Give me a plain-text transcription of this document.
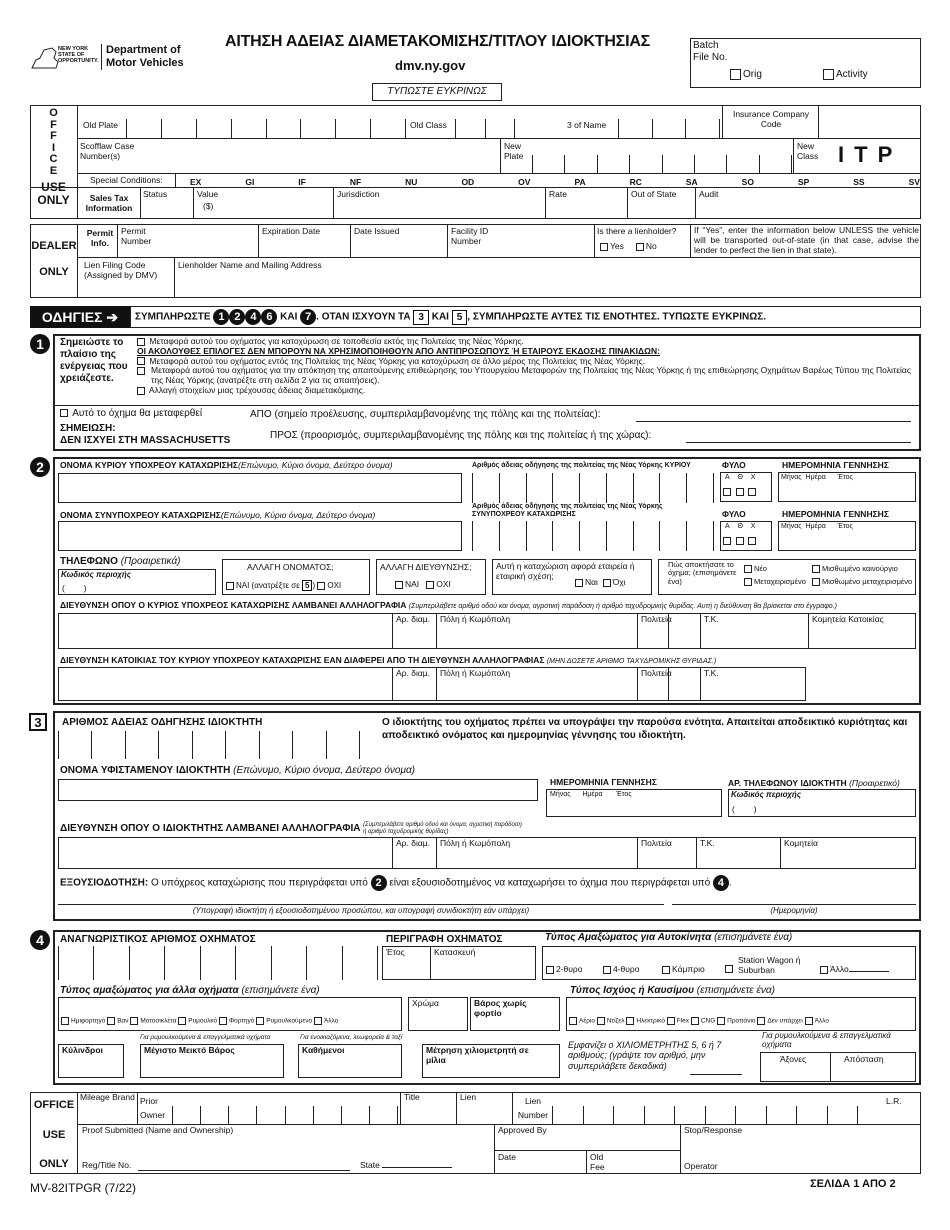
NEW YORK STATE OF OPPORTUNITY.
Department of Motor Vehicles
ΑΙΤΗΣΗ ΑΔΕΙΑΣ ΔΙΑΜΕΤΑΚΟΜΙΣΗΣ/ΤΙΤΛΟΥ ΙΔΙΟΚΤΗΣΙΑΣ
dmv.ny.gov
ΤΥΠΩΣΤΕ ΕΥΚΡΙΝΩΣ
Batch
File No.
Orig	Activity
O
F
F
I
C
E
USE
ONLY
Old Plate	Old Class	3 of Name
Insurance Company Code
Scofflaw Case Number(s)
New Plate
New Class ITP
Special Conditions:	EX	GI	IF	NF	NU	OD	OV	PA	RC	SA	SO	SP	SS	SV
Sales Tax Information
Status	Value
($)
Jurisdiction	Rate	Out of State	Audit
DEALER
ONLY
Permit Info.
Permit Number
Expiration Date	Date Issued	Facility ID Number
Is there a lienholder?
Yes	No
If “Yes”, enter the information below UNLESS the vehicle will be transported out-of-state (in that case, advise the lender to perfect the lien in that state).
Lien Filing Code (Assigned by DMV)
Lienholder Name and Mailing Address
ΟΔΗΓΙΕΣ ➔	ΣΥΜΠΛΗΡΩΣΤΕ 1 2 4 6 ΚΑΙ 7 . ΟΤΑΝ ΙΣΧΥΟΥΝ ΤΑ 3 ΚΑΙ 5 , ΣΥΜΠΛΗΡΩΣΤΕ ΑΥΤΕΣ ΤΙΣ ΕΝΟΤΗΤΕΣ. ΤΥΠΩΣΤΕ ΕΥΚΡΙΝΩΣ.
1	Σημειώστε το πλαίσιο της ενέργειας που χρειάζεστε.
Μεταφορά αυτού του οχήματος για κατοχύρωση σε τοποθεσία εκτός της Πολιτείας της Νέας Υόρκης.
ΟΙ ΑΚΟΛΟΥΘΕΣ ΕΠΙΛΟΓΕΣ ΔΕΝ ΜΠΟΡΟΥΝ ΝΑ ΧΡΗΣΙΜΟΠΟΙΗΘΟΥΝ ΑΠΟ ΑΝΤΙΠΡΟΣΩΠΟΥΣ Ή ΕΤΑΙΡΟΥΣ ΕΚΔΟΣΗΣ ΠΙΝΑΚΙΔΩΝ:
Μεταφορά αυτού του οχήματος εντός της Πολιτείας της Νέας Υόρκης για κατοχύρωση σε άλλο μέρος της Πολιτείας της Νέας Υόρκης.
Μεταφορά αυτού του οχήματος για την απόκτηση της απαιτούμενης επιθεώρησης του Υπουργείου Μεταφορών της Πολιτείας της Νέας Υόρκης ή της επιθεώρησης Οχημάτων Βαρέως Τύπου της Πολιτείας της Νέας Υόρκης (ανατρέξτε στη σελίδα 2 για τις απαιτήσεις).
Αλλαγή στοιχείων μιας τρέχουσας άδειας διαμετακόμισης.
Αυτό το όχημα θα μεταφερθεί
ΣΗΜΕΙΩΣΗ:
ΔΕΝ ΙΣΧΥΕΙ ΣΤΗ MASSACHUSETTS
ΑΠΟ (σημείο προέλευσης, συμπεριλαμβανομένης της πόλης και της πολιτείας):
ΠΡΟΣ (προορισμός, συμπεριλαμβανομένης της πόλης και της πολιτείας ή της χώρας):
2	ΟΝΟΜΑ ΚΥΡΙΟΥ ΥΠΟΧΡΕΟΥ ΚΑΤΑΧΩΡΙΣΗΣ(Επώνυμο, Κύριο όνομα, Δεύτερο όνομα)	Αριθμός άδειας οδήγησης της πολιτείας της Νέας Υόρκης ΚΥΡΙΟΥ	ΦΥΛΟ
Α Θ Χ

ΗΜΕΡΟΜΗΝΙΑ ΓΕΝΝΗΣΗΣ
Μήνας Ημέρα Έτος
ΟΝΟΜΑ ΣΥΝΥΠΟΧΡΕΟΥ ΚΑΤΑΧΩΡΙΣΗΣ(Επώνυμο, Κύριο όνομα, Δεύτερο όνομα)
Αριθμός άδειας οδήγησης της πολιτείας της Νέας Υόρκης ΣΥΝΥΠΟΧΡΕΟΥ ΚΑΤΑΧΩΡΙΣΗΣ	ΦΥΛΟ
Α Θ Χ

ΗΜΕΡΟΜΗΝΙΑ ΓΕΝΝΗΣΗΣ
Μήνας Ημέρα Έτος
ΤΗΛΕΦΩΝΟ (Προαιρετικά)
Κωδικός περιοχής
(        )
ΑΛΛΑΓΗ ΟΝΟΜΑΤΟΣ;
ΝΑΙ (ανατρέξτε σε 5 ) ΟΧΙ
ΑΛΛΑΓΗ ΔΙΕΥΘΥΝΣΗΣ;
ΝΑΙ ΟΧΙ
Αυτή η καταχώριση αφορά εταιρεία ή εταιρική σχέση;
Ναι Όχι
Πώς αποκτήσατε το όχημα; (επισημάνετε ένα)
Νέο
Μεταχειρισμένο
Μισθωμένο καινούργιο
Μισθωμένο μεταχειρισμένο
ΔΙΕΥΘΥΝΣΗ ΟΠΟΥ Ο ΚΥΡΙΟΣ ΥΠΟΧΡΕΟΣ ΚΑΤΑΧΩΡΙΣΗΣ ΛΑΜΒΑΝΕΙ ΑΛΛΗΛΟΓΡΑΦΙΑ (Συμπεριλάβετε αριθμό οδού και όνομα, αγροτική παράδοση ή αριθμό ταχυδρομικής θυρίδας. Αυτή η διεύθυνση θα βρίσκεται στο έγγραφο.)
Αρ. διαμ. Πόλη ή Κωμόπολη	Πολιτεία	Τ.Κ.	Κομητεία Κατοικίας
ΔΙΕΥΘΥΝΣΗ ΚΑΤΟΙΚΙΑΣ ΤΟΥ ΚΥΡΙΟΥ ΥΠΟΧΡΕΟΥ ΚΑΤΑΧΩΡΙΣΗΣ ΕΑΝ ΔΙΑΦΕΡΕΙ ΑΠΟ ΤΗ ΔΙΕΥΘΥΝΣΗ ΑΛΛΗΛΟΓΡΑΦΙΑΣ (ΜΗΝ ΔΩΣΕΤΕ ΑΡΙΘΜΟ ΤΑΧΥΔΡΟΜΙΚΗΣ ΘΥΡΙΔΑΣ.)
Αρ. διαμ. Πόλη ή Κωμόπολη	Πολιτεία	Τ.Κ.
3	ΑΡΙΘΜΟΣ ΑΔΕΙΑΣ ΟΔΗΓΗΣΗΣ ΙΔΙΟΚΤΗΤΗ	Ο ιδιοκτήτης του οχήματος πρέπει να υπογράψει την παρούσα ενότητα. Απαιτείται αποδεικτικό κυριότητας και αποδεικτικό ονόματος και ημερομηνίας γέννησης του ιδιοκτήτη.
ΟΝΟΜΑ ΥΦΙΣΤΑΜΕΝΟΥ ΙΔΙΟΚΤΗΤΗ (Επώνυμο, Κύριο όνομα, Δεύτερο όνομα)
ΗΜΕΡΟΜΗΝΙΑ ΓΕΝΝΗΣΗΣ
Μήνας Ημέρα Έτος
ΑΡ. ΤΗΛΕΦΩΝΟΥ ΙΔΙΟΚΤΗΤΗ (Προαιρετικό)
Κωδικός περιοχής
(        )
ΔΙΕΥΘΥΝΣΗ ΟΠΟΥ Ο ΙΔΙΟΚΤΗΤΗΣ ΛΑΜΒΑΝΕΙ ΑΛΛΗΛΟΓΡΑΦΙΑ (Συμπεριλάβετε αριθμό οδού και όνομα, αγροτική παράδοση ή αριθμό ταχυδρομικής θυρίδας)
Αρ. διαμ. Πόλη ή Κωμόπολη	Πολιτεία	Τ.Κ.	Κομητεία
ΕΞΟΥΣΙΟΔΟΤΗΣΗ: Ο υπόχρεος καταχώρισης που περιγράφεται υπό 2 είναι εξουσιοδοτημένος να καταχωρήσει το όχημα που περιγράφεται υπό 4 .
(Υπογραφή ιδιοκτήτη ή εξουσιοδοτημένου προσώπου, και υπογραφή συνιδιοκτήτη εάν υπάρχει)	(Ημερομηνία)
4	ΑΝΑΓΝΩΡΙΣΤΙΚΟΣ ΑΡΙΘΜΟΣ ΟΧΗΜΑΤΟΣ	ΠΕΡΙΓΡΑΦΗ ΟΧΗΜΑΤΟΣ
Έτος	Κατασκευή
Τύπος Αμαξώματος για Αυτοκίνητα (επισημάνετε ένα)
2-θυρο	4-θυρο	Κάμπριο
Station Wagon ή Suburban	Άλλο
Τύπος αμαξώματος για άλλα οχήματα (επισημάνετε ένα)
Ημιφορτηγό Βαν Μοτοσικλέτα Ρυμουλκό Φορτηγό Ρυμουλκούμενο Άλλο
Για ρυμουλκούμενα & επαγγελματικά οχήματα	Για ενοικιαζόμενα, λεωφορεία & ταξί
Χρώμα	Βάρος χωρίς φορτίο
Τύπος Ισχύος ή Καυσίμου (επισημάνετε ένα)
Αέριο Ντίζελ Ηλεκτρικό Flex CNG Προπάνιο Δεν υπάρχει Άλλο
Κύλινδροι	Μέγιστο Μεικτό Βάρος	Καθήμενοι	Μέτρηση χιλιομετρητή σε μίλια
Εμφανίζει ο ΧΙΛΙΟΜΕΤΡΗΤΗΣ 5, 6 ή 7 αριθμούς; (γράψτε τον αριθμό, μην συμπεριλάβετε δεκαδικά)
Για ρυμουλκούμενα & επαγγελματικά οχήματα
Άξονες	Απόσταση
OFFICE
USE
ONLY
Mileage Brand Prior Owner
Title	Lien	Lien Number
L.R.
Proof Submitted (Name and Ownership)	Approved By	Stop/Response
Reg/Title No.	State
Date	Old Fee	Operator
MV-82ITPGR (7/22)	ΣΕΛΙΔΑ 1 ΑΠΟ 2
